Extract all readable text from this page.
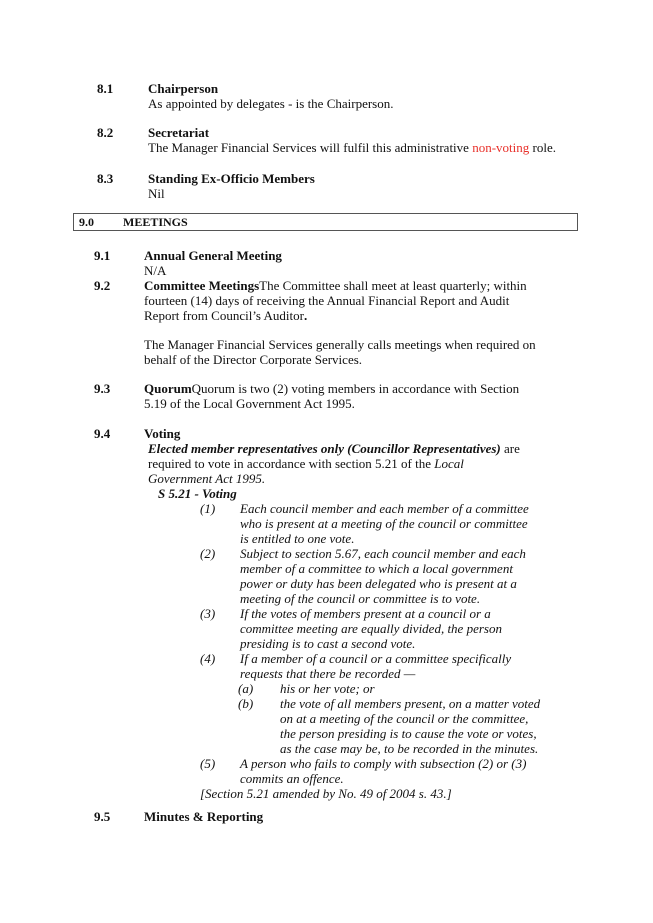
8.1	Chairperson
As appointed by delegates - is the Chairperson.
8.2	Secretariat
The Manager Financial Services will fulfil this administrative non-voting role.
8.3	Standing Ex-Officio Members
Nil
9.0 MEETINGS
9.1	Annual General Meeting
N/A
9.2	Committee MeetingsThe Committee shall meet at least quarterly; within
fourteen (14) days of receiving the Annual Financial Report and Audit
Report from Council’s Auditor.
The Manager Financial Services generally calls meetings when required on
behalf of the Director Corporate Services.
9.3	QuorumQuorum is two (2) voting members in accordance with Section
5.19 of the Local Government Act 1995.
9.4	Voting
Elected member representatives only (Councillor Representatives) are
required to vote in accordance with section 5.21 of the Local
Government Act 1995.
S 5.21 - Voting
(1) Each council member and each member of a committee
who is present at a meeting of the council or committee
is entitled to one vote.
(2) Subject to section 5.67, each council member and each
member of a committee to which a local government
power or duty has been delegated who is present at a
meeting of the council or committee is to vote.
(3) If the votes of members present at a council or a
committee meeting are equally divided, the person
presiding is to cast a second vote.
(4) If a member of a council or a committee specifically
requests that there be recorded —
(a) his or her vote; or
(b) the vote of all members present, on a matter voted
on at a meeting of the council or the committee,
the person presiding is to cause the vote or votes,
as the case may be, to be recorded in the minutes.
(5) A person who fails to comply with subsection (2) or (3)
commits an offence.
[Section 5.21 amended by No. 49 of 2004 s. 43.]
9.5	Minutes & Reporting
